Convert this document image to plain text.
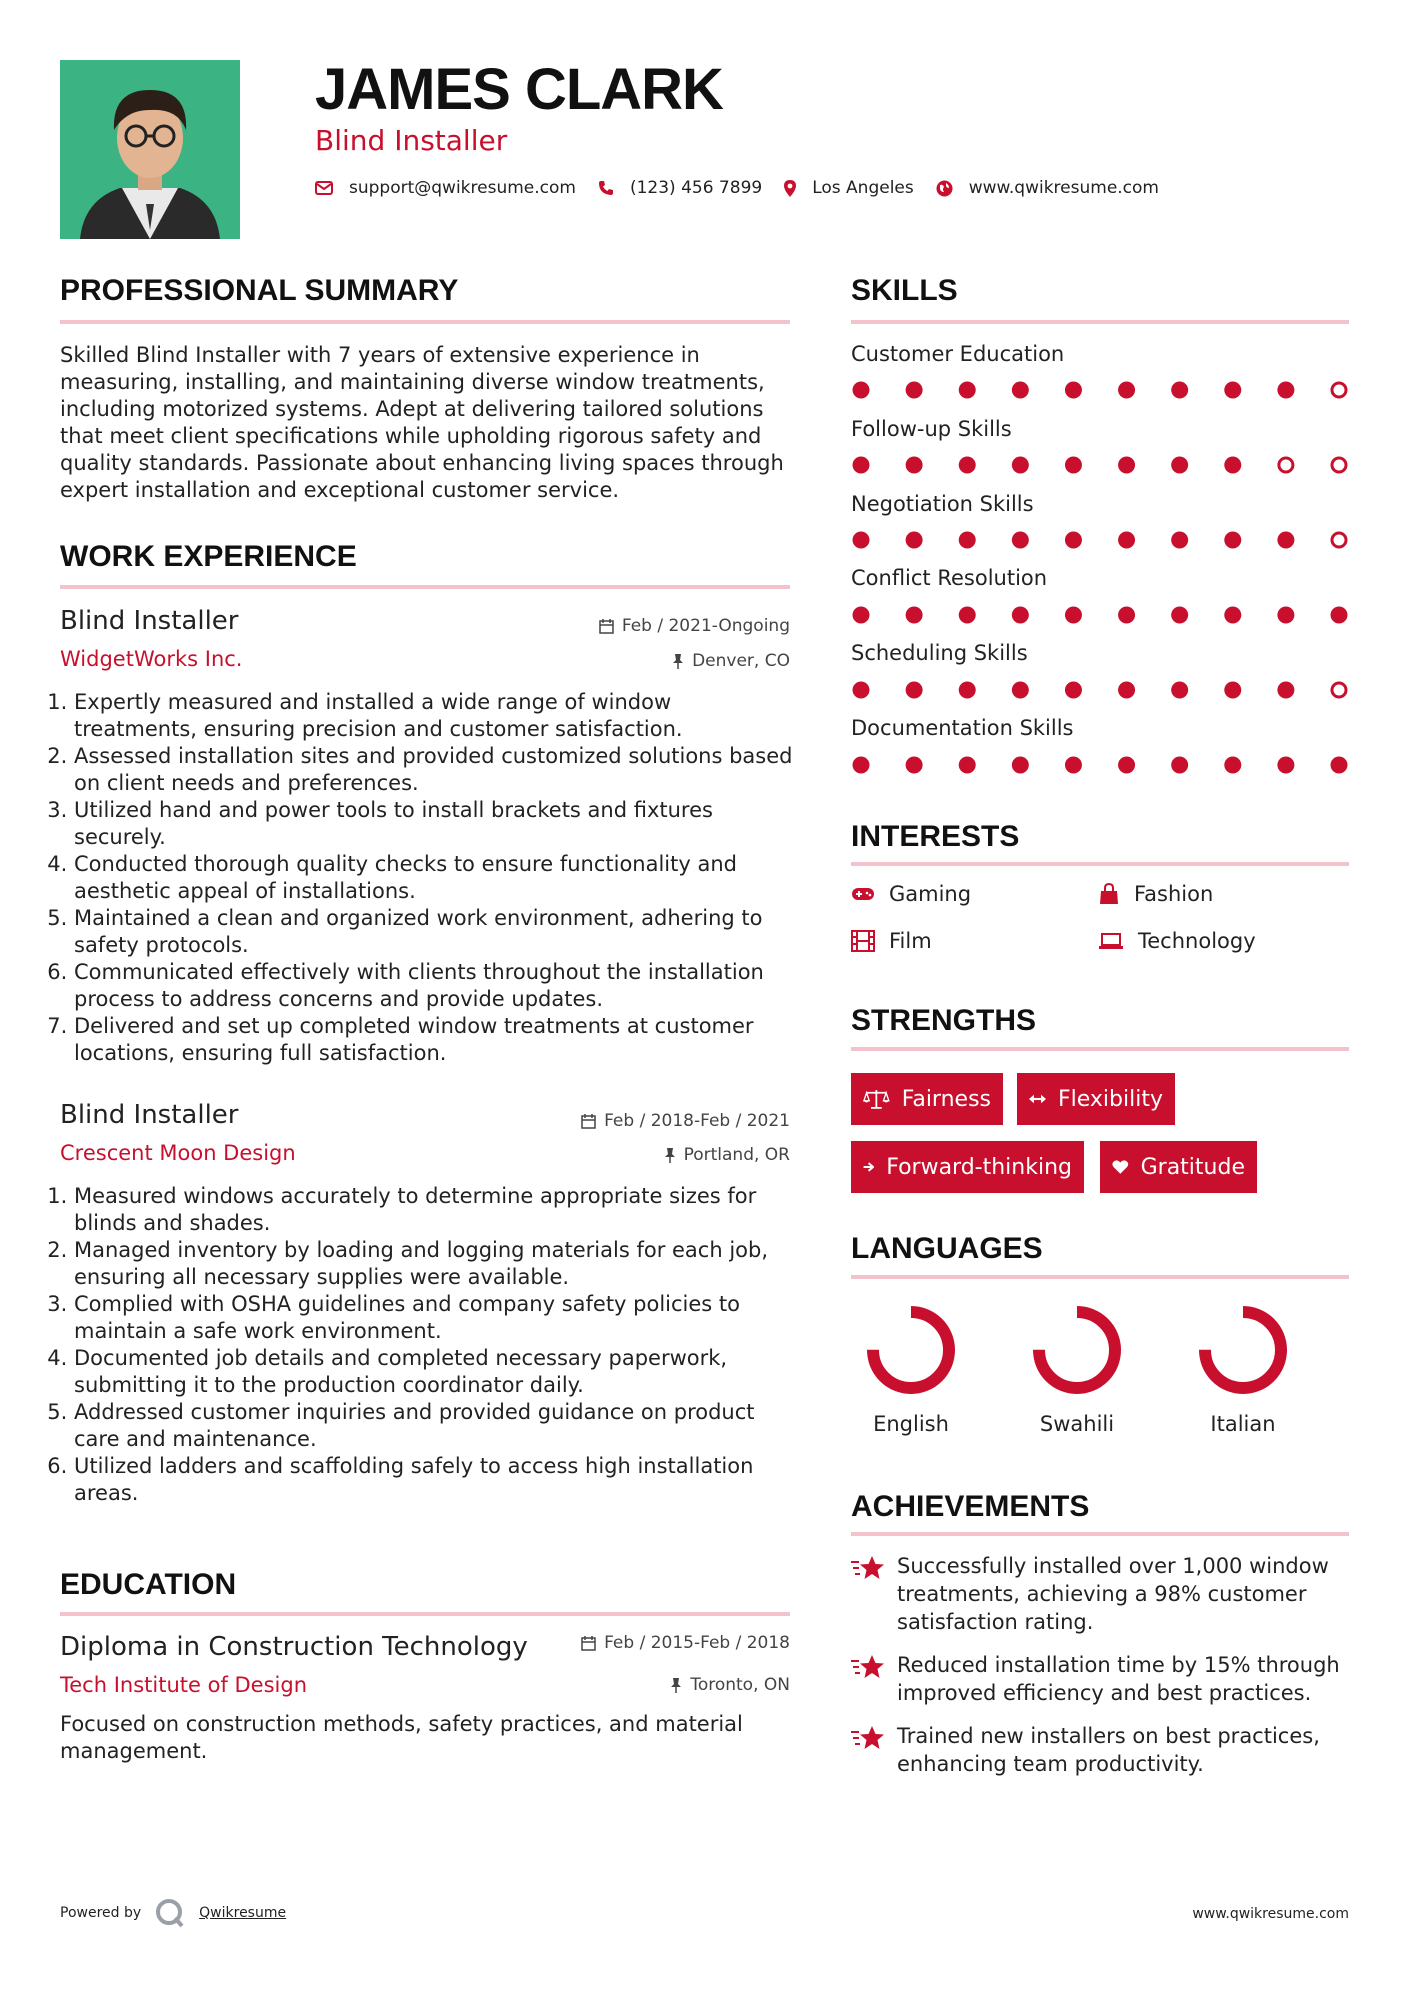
JAMES CLARK
Blind Installer
support@qwikresume.com	(123) 456 7899	Los Angeles	www.qwikresume.com
PROFESSIONAL SUMMARY
Skilled Blind Installer with 7 years of extensive experience in measuring, installing, and maintaining diverse window treatments, including motorized systems. Adept at delivering tailored solutions that meet client specifications while upholding rigorous safety and quality standards. Passionate about enhancing living spaces through expert installation and exceptional customer service.
WORK EXPERIENCE
Blind Installer	Feb / 2021-Ongoing
WidgetWorks Inc.	Denver, CO
1. Expertly measured and installed a wide range of window treatments, ensuring precision and customer satisfaction.
2. Assessed installation sites and provided customized solutions based on client needs and preferences.
3. Utilized hand and power tools to install brackets and fixtures securely.
4. Conducted thorough quality checks to ensure functionality and aesthetic appeal of installations.
5. Maintained a clean and organized work environment, adhering to safety protocols.
6. Communicated effectively with clients throughout the installation process to address concerns and provide updates.
7. Delivered and set up completed window treatments at customer locations, ensuring full satisfaction.
Blind Installer	Feb / 2018-Feb / 2021
Crescent Moon Design	Portland, OR
1. Measured windows accurately to determine appropriate sizes for blinds and shades.
2. Managed inventory by loading and logging materials for each job, ensuring all necessary supplies were available.
3. Complied with OSHA guidelines and company safety policies to maintain a safe work environment.
4. Documented job details and completed necessary paperwork, submitting it to the production coordinator daily.
5. Addressed customer inquiries and provided guidance on product care and maintenance.
6. Utilized ladders and scaffolding safely to access high installation areas.
EDUCATION
Diploma in Construction Technology	Feb / 2015-Feb / 2018
Tech Institute of Design	Toronto, ON
Focused on construction methods, safety practices, and material management.
SKILLS
Customer Education
Follow-up Skills
Negotiation Skills
Conflict Resolution
Scheduling Skills
Documentation Skills
INTERESTS
Gaming	Fashion
Film	Technology
STRENGTHS
Fairness	Flexibility
Forward-thinking	Gratitude
LANGUAGES
English	Swahili	Italian
ACHIEVEMENTS
Successfully installed over 1,000 window treatments, achieving a 98% customer satisfaction rating.
Reduced installation time by 15% through improved efficiency and best practices.
Trained new installers on best practices, enhancing team productivity.
Powered by	Qwikresume	www.qwikresume.com
